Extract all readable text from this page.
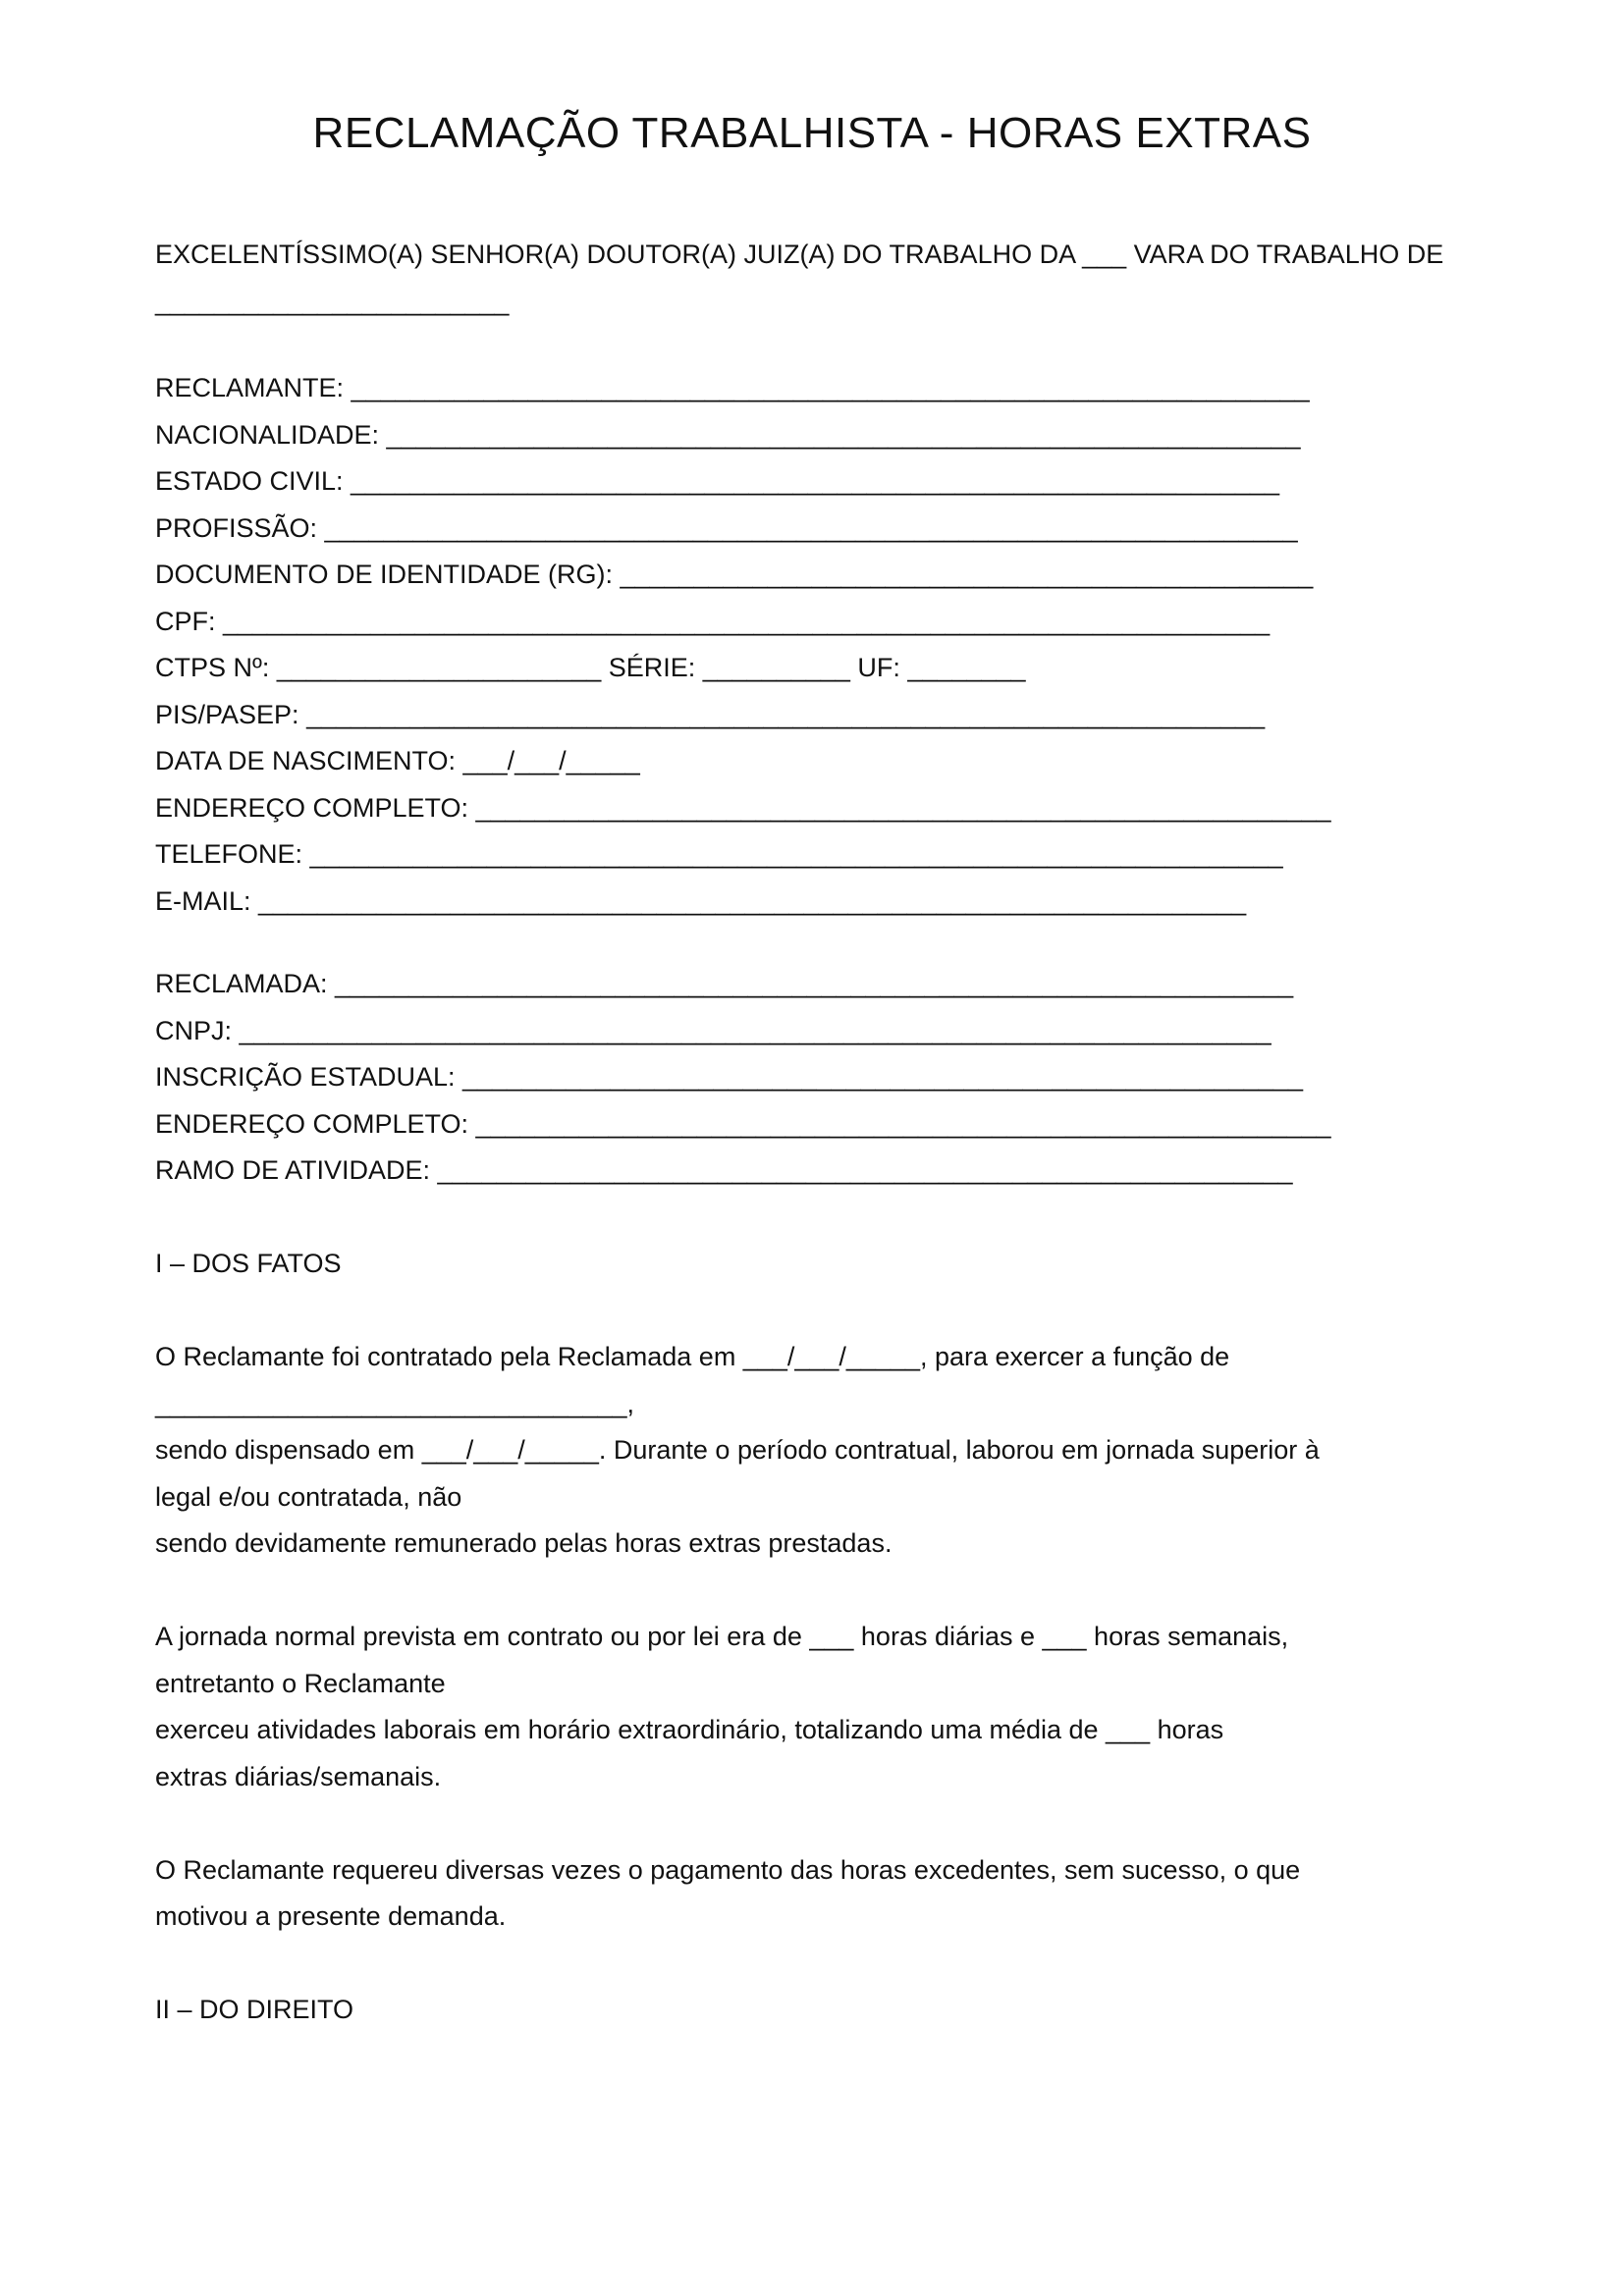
RECLAMAÇÃO TRABALHISTA - HORAS EXTRAS

EXCELENTÍSSIMO(A) SENHOR(A) DOUTOR(A) JUIZ(A) DO TRABALHO DA ___ VARA DO TRABALHO DE

________________________

RECLAMANTE: _________________________________________________________________

NACIONALIDADE: ______________________________________________________________

ESTADO CIVIL: _______________________________________________________________

PROFISSÃO: __________________________________________________________________

DOCUMENTO DE IDENTIDADE (RG): _______________________________________________

CPF: _______________________________________________________________________

CTPS Nº: ______________________ SÉRIE: __________ UF: ________

PIS/PASEP: _________________________________________________________________

DATA DE NASCIMENTO: ___/___/_____

ENDEREÇO COMPLETO: __________________________________________________________

TELEFONE: __________________________________________________________________

E-MAIL: ___________________________________________________________________

RECLAMADA: _________________________________________________________________

CNPJ: ______________________________________________________________________

INSCRIÇÃO ESTADUAL: _________________________________________________________

ENDEREÇO COMPLETO: __________________________________________________________

RAMO DE ATIVIDADE: __________________________________________________________

I – DOS FATOS

O Reclamante foi contratado pela Reclamada em ___/___/_____, para exercer a função de

________________________________,

sendo dispensado em ___/___/_____. Durante o período contratual, laborou em jornada superior à

legal e/ou contratada, não

sendo devidamente remunerado pelas horas extras prestadas.

A jornada normal prevista em contrato ou por lei era de ___ horas diárias e ___ horas semanais,

entretanto o Reclamante

exerceu atividades laborais em horário extraordinário, totalizando uma média de ___ horas

extras diárias/semanais.

O Reclamante requereu diversas vezes o pagamento das horas excedentes, sem sucesso, o que

motivou a presente demanda.

II – DO DIREITO
